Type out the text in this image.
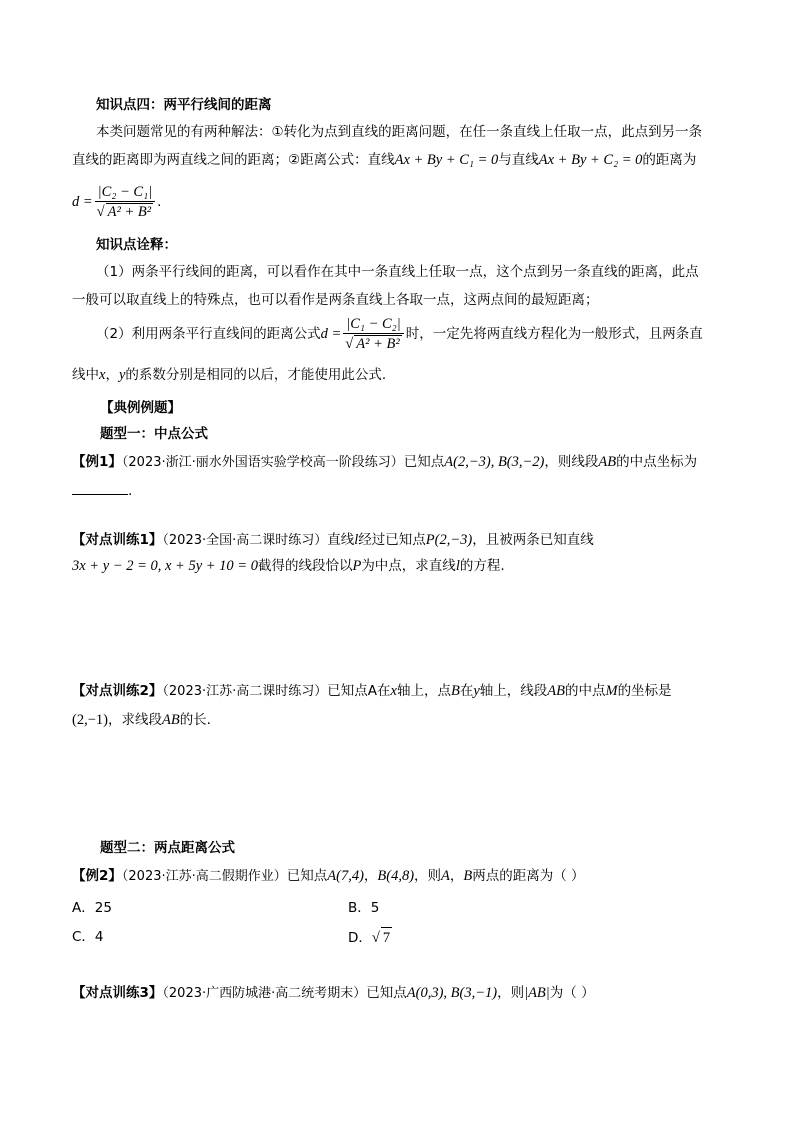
知识点四：两平行线间的距离
本类问题常见的有两种解法：①转化为点到直线的距离问题，在任一条直线上任取一点，此点到另一条
直线的距离即为两直线之间的距离；②距离公式：直线Ax + By + C₁ = 0与直线Ax + By + C₂ = 0的距离为
$d = \frac{\text{|C₂ − C₁|}}{\text{√ A² + B²}}$ .
知识点诠释：
（1）两条平行线间的距离，可以看作在其中一条直线上任取一点，这个点到另一条直线的距离，此点
一般可以取直线上的特殊点，也可以看作是两条直线上各取一点，这两点间的最短距离；
（2）利用两条平行直线间的距离公式$d = \frac{\text{|C₁ − C₂|}}{\text{√ A² + B²}}$ 时，一定先将两直线方程化为一般形式，且两条直
线中x，y的系数分别是相同的以后，才能使用此公式.
【典例例题】
题型一：中点公式
【例1】（2023·浙江·丽水外国语实验学校高一阶段练习）已知点A(2,−3), B(3,−2)，则线段AB的中点坐标为
.
【对点训练1】（2023·全国·高二课时练习）直线l经过已知点P(2,−3)，且被两条已知直线
3x + y − 2 = 0, x + 5y + 10 = 0截得的线段恰以P为中点，求直线l的方程.
【对点训练2】（2023·江苏·高二课时练习）已知点A在x轴上，点B在y轴上，线段AB的中点M的坐标是
(2,−1)，求线段AB的长.
题型二：两点距离公式
【例2】（2023·江苏·高二假期作业）已知点A(7,4)，B(4,8)，则A，B两点的距离为（ ）
A．25	B．5
C．4	D．√ 7
【对点训练3】（2023·广西防城港·高二统考期末）已知点A(0,3), B(3,−1)，则|AB|为（ ）
